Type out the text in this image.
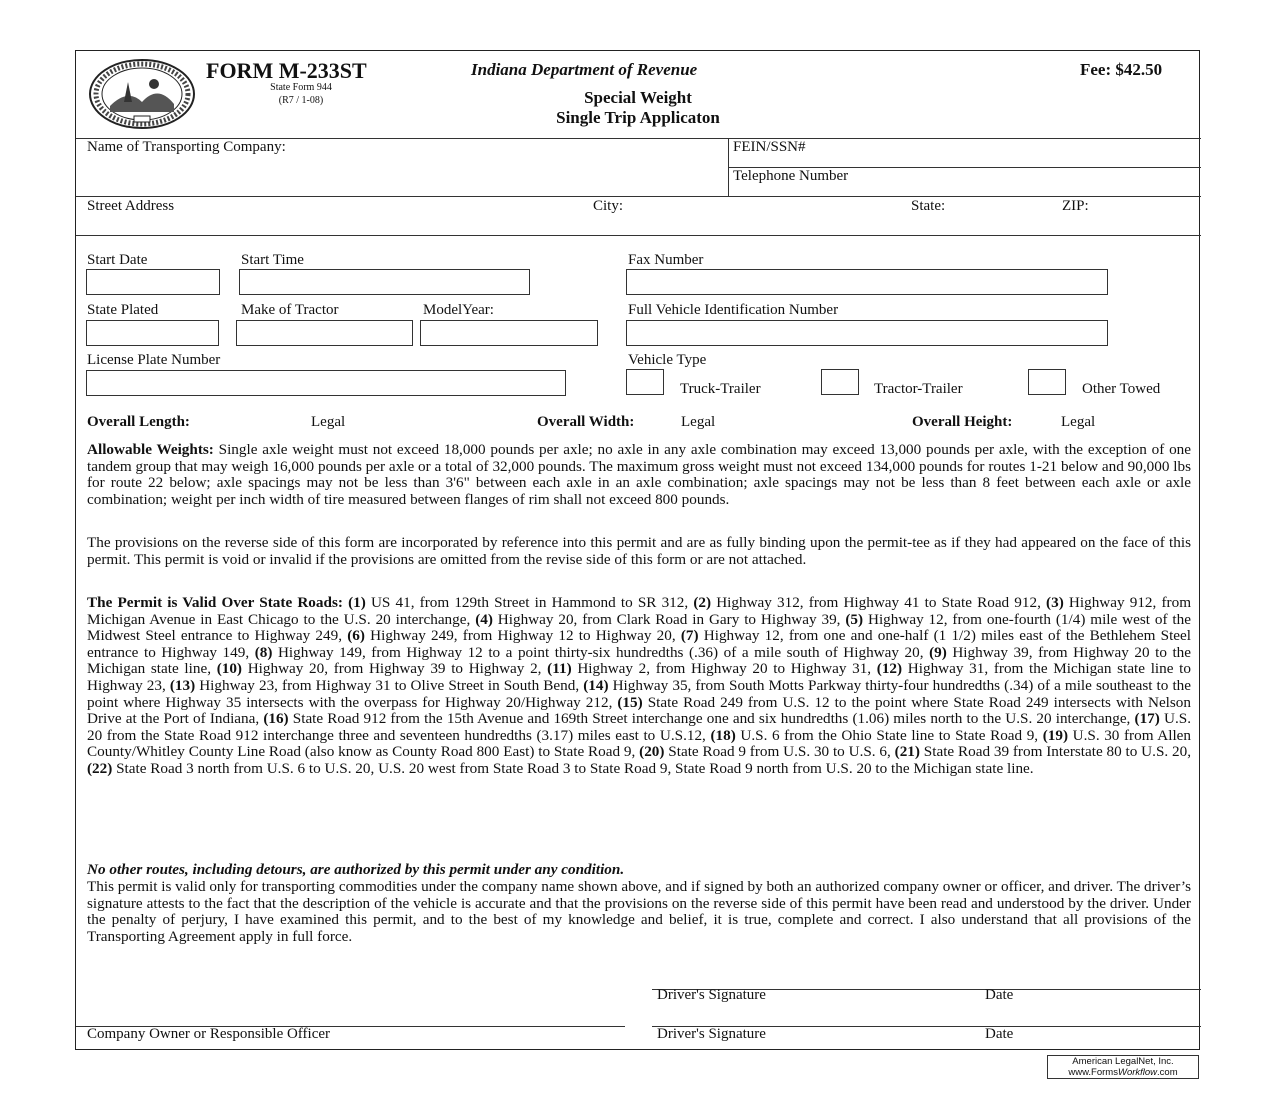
FORM M-233ST
State Form 944
(R7 / 1-08)
Indiana Department of Revenue
Special Weight
Single Trip Applicaton
Fee: $42.50
Name of Transporting Company:	FEIN/SSN#
Telephone Number
Street Address	City:	State:	ZIP:
Start Date	Start Time	Fax Number
State Plated	Make of Tractor	ModelYear:	Full Vehicle Identification Number
License Plate Number	Vehicle Type
Truck-Trailer	Tractor-Trailer	Other Towed
Overall Length:	Legal	Overall Width:	Legal	Overall Height:	Legal
Allowable Weights: Single axle weight must not exceed 18,000 pounds per axle; no axle in any axle combination may exceed 13,000 pounds per axle, with the exception of one tandem group that may weigh 16,000 pounds per axle or a total of 32,000 pounds. The maximum gross weight must not exceed 134,000 pounds for routes 1-21 below and 90,000 lbs for route 22 below; axle spacings may not be less than 3'6" between each axle in an axle combination; axle spacings may not be less than 8 feet between each axle or axle combination; weight per inch width of tire measured between flanges of rim shall not exceed 800 pounds.
The provisions on the reverse side of this form are incorporated by reference into this permit and are as fully binding upon the permit-tee as if they had appeared on the face of this permit. This permit is void or invalid if the provisions are omitted from the revise side of this form or are not attached.
The Permit is Valid Over State Roads: (1) US 41, from 129th Street in Hammond to SR 312, (2) Highway 312, from Highway 41 to State Road 912, (3) Highway 912, from Michigan Avenue in East Chicago to the U.S. 20 interchange, (4) Highway 20, from Clark Road in Gary to Highway 39, (5) Highway 12, from one-fourth (1/4) mile west of the Midwest Steel entrance to Highway 249, (6) Highway 249, from Highway 12 to Highway 20, (7) Highway 12, from one and one-half (1 1/2) miles east of the Bethlehem Steel entrance to Highway 149, (8) Highway 149, from Highway 12 to a point thirty-six hundredths (.36) of a mile south of Highway 20, (9) Highway 39, from Highway 20 to the Michigan state line, (10) Highway 20, from Highway 39 to Highway 2, (11) Highway 2, from Highway 20 to Highway 31, (12) Highway 31, from the Michigan state line to Highway 23, (13) Highway 23, from Highway 31 to Olive Street in South Bend, (14) Highway 35, from South Motts Parkway thirty-four hundredths (.34) of a mile southeast to the point where Highway 35 intersects with the overpass for Highway 20/Highway 212, (15) State Road 249 from U.S. 12 to the point where State Road 249 intersects with Nelson Drive at the Port of Indiana, (16) State Road 912 from the 15th Avenue and 169th Street interchange one and six hundredths (1.06) miles north to the U.S. 20 interchange, (17) U.S. 20 from the State Road 912 interchange three and seventeen hundredths (3.17) miles east to U.S.12, (18) U.S. 6 from the Ohio State line to State Road 9, (19) U.S. 30 from Allen County/Whitley County Line Road (also know as County Road 800 East) to State Road 9, (20) State Road 9 from U.S. 30 to U.S. 6, (21) State Road 39 from Interstate 80 to U.S. 20, (22) State Road 3 north from U.S. 6 to U.S. 20, U.S. 20 west from State Road 3 to State Road 9, State Road 9 north from U.S. 20 to the Michigan state line.
No other routes, including detours, are authorized by this permit under any condition.
This permit is valid only for transporting commodities under the company name shown above, and if signed by both an authorized company owner or officer, and driver. The driver’s signature attests to the fact that the description of the vehicle is accurate and that the provisions on the reverse side of this permit have been read and understood by the driver. Under the penalty of perjury, I have examined this permit, and to the best of my knowledge and belief, it is true, complete and correct. I also understand that all provisions of the Transporting Agreement apply in full force.
Driver's Signature	Date
Company Owner or Responsible Officer	Driver's Signature	Date
American LegalNet, Inc.
www.FormsWorkflow.com
